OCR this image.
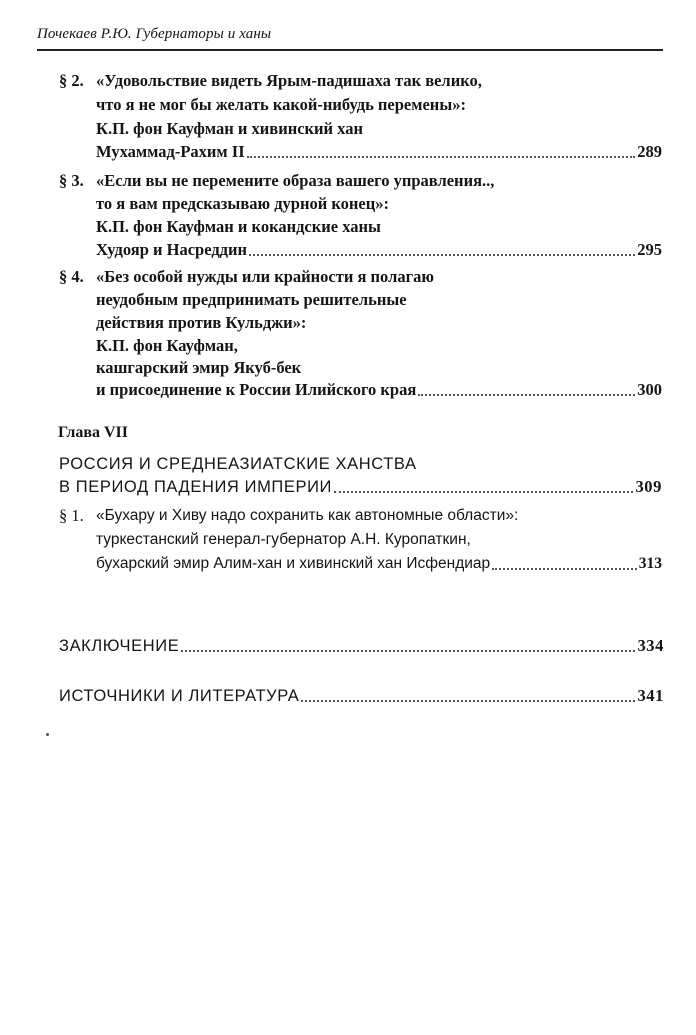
Почекаев Р.Ю. Губернаторы и ханы
§ 2. «Удовольствие видеть Ярым-падишаха так велико,
что я не мог бы желать какой-нибудь перемены»:
К.П. фон Кауфман и хивинский хан
Мухаммад-Рахим II	289
§ 3. «Если вы не перемените образа вашего управления..,
то я вам предсказываю дурной конец»:
К.П. фон Кауфман и кокандские ханы
Худояр и Насреддин	295
§ 4. «Без особой нужды или крайности я полагаю
неудобным предпринимать решительные
действия против Кульджи»:
К.П. фон Кауфман,
кашгарский эмир Якуб-бек
и присоединение к России Илийского края	300
Глава VII
РОССИЯ И СРЕДНЕАЗИАТСКИЕ ХАНСТВА
В ПЕРИОД ПАДЕНИЯ ИМПЕРИИ	309
§ 1. «Бухару и Хиву надо сохранить как автономные области»:
туркестанский генерал-губернатор А.Н. Куропаткин,
бухарский эмир Алим-хан и хивинский хан Исфендиар	313
ЗАКЛЮЧЕНИЕ	334
ИСТОЧНИКИ И ЛИТЕРАТУРА	341
